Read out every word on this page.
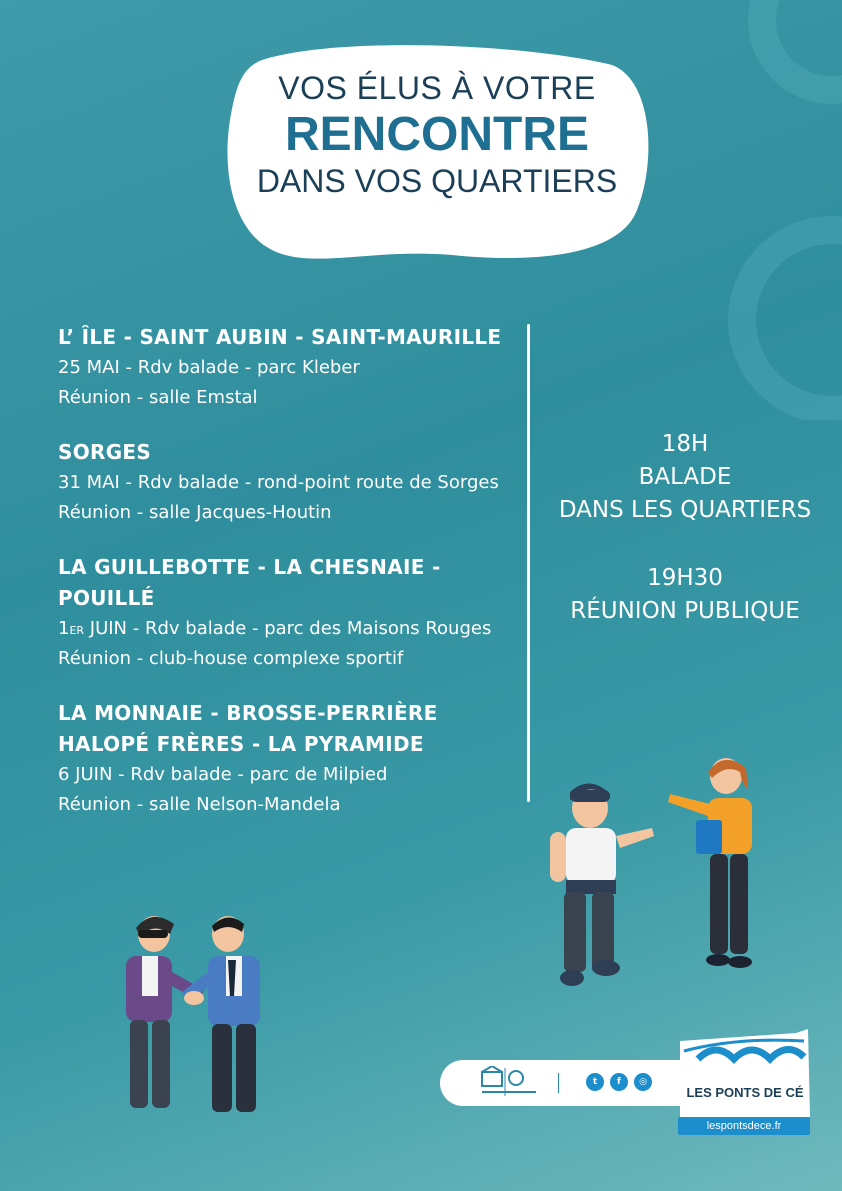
VOS ÉLUS À VOTRE
RENCONTRE
DANS VOS QUARTIERS
L’ ÎLE - SAINT AUBIN - SAINT-MAURILLE
25 MAI - Rdv balade - parc Kleber
Réunion - salle Emstal
SORGES
31 MAI - Rdv balade - rond-point route de Sorges
Réunion - salle Jacques-Houtin
LA GUILLEBOTTE - LA CHESNAIE - POUILLÉ
1ER JUIN - Rdv balade - parc des Maisons Rouges
Réunion - club-house complexe sportif
LA MONNAIE - BROSSE-PERRIÈRE
HALOPÉ FRÈRES - LA PYRAMIDE
6 JUIN - Rdv balade - parc de Milpied
Réunion - salle Nelson-Mandela
18H
BALADE
DANS LES QUARTIERS
19H30
RÉUNION PUBLIQUE
t	f	◎
LES PONTS DE CÉ
lespontsdece.fr
